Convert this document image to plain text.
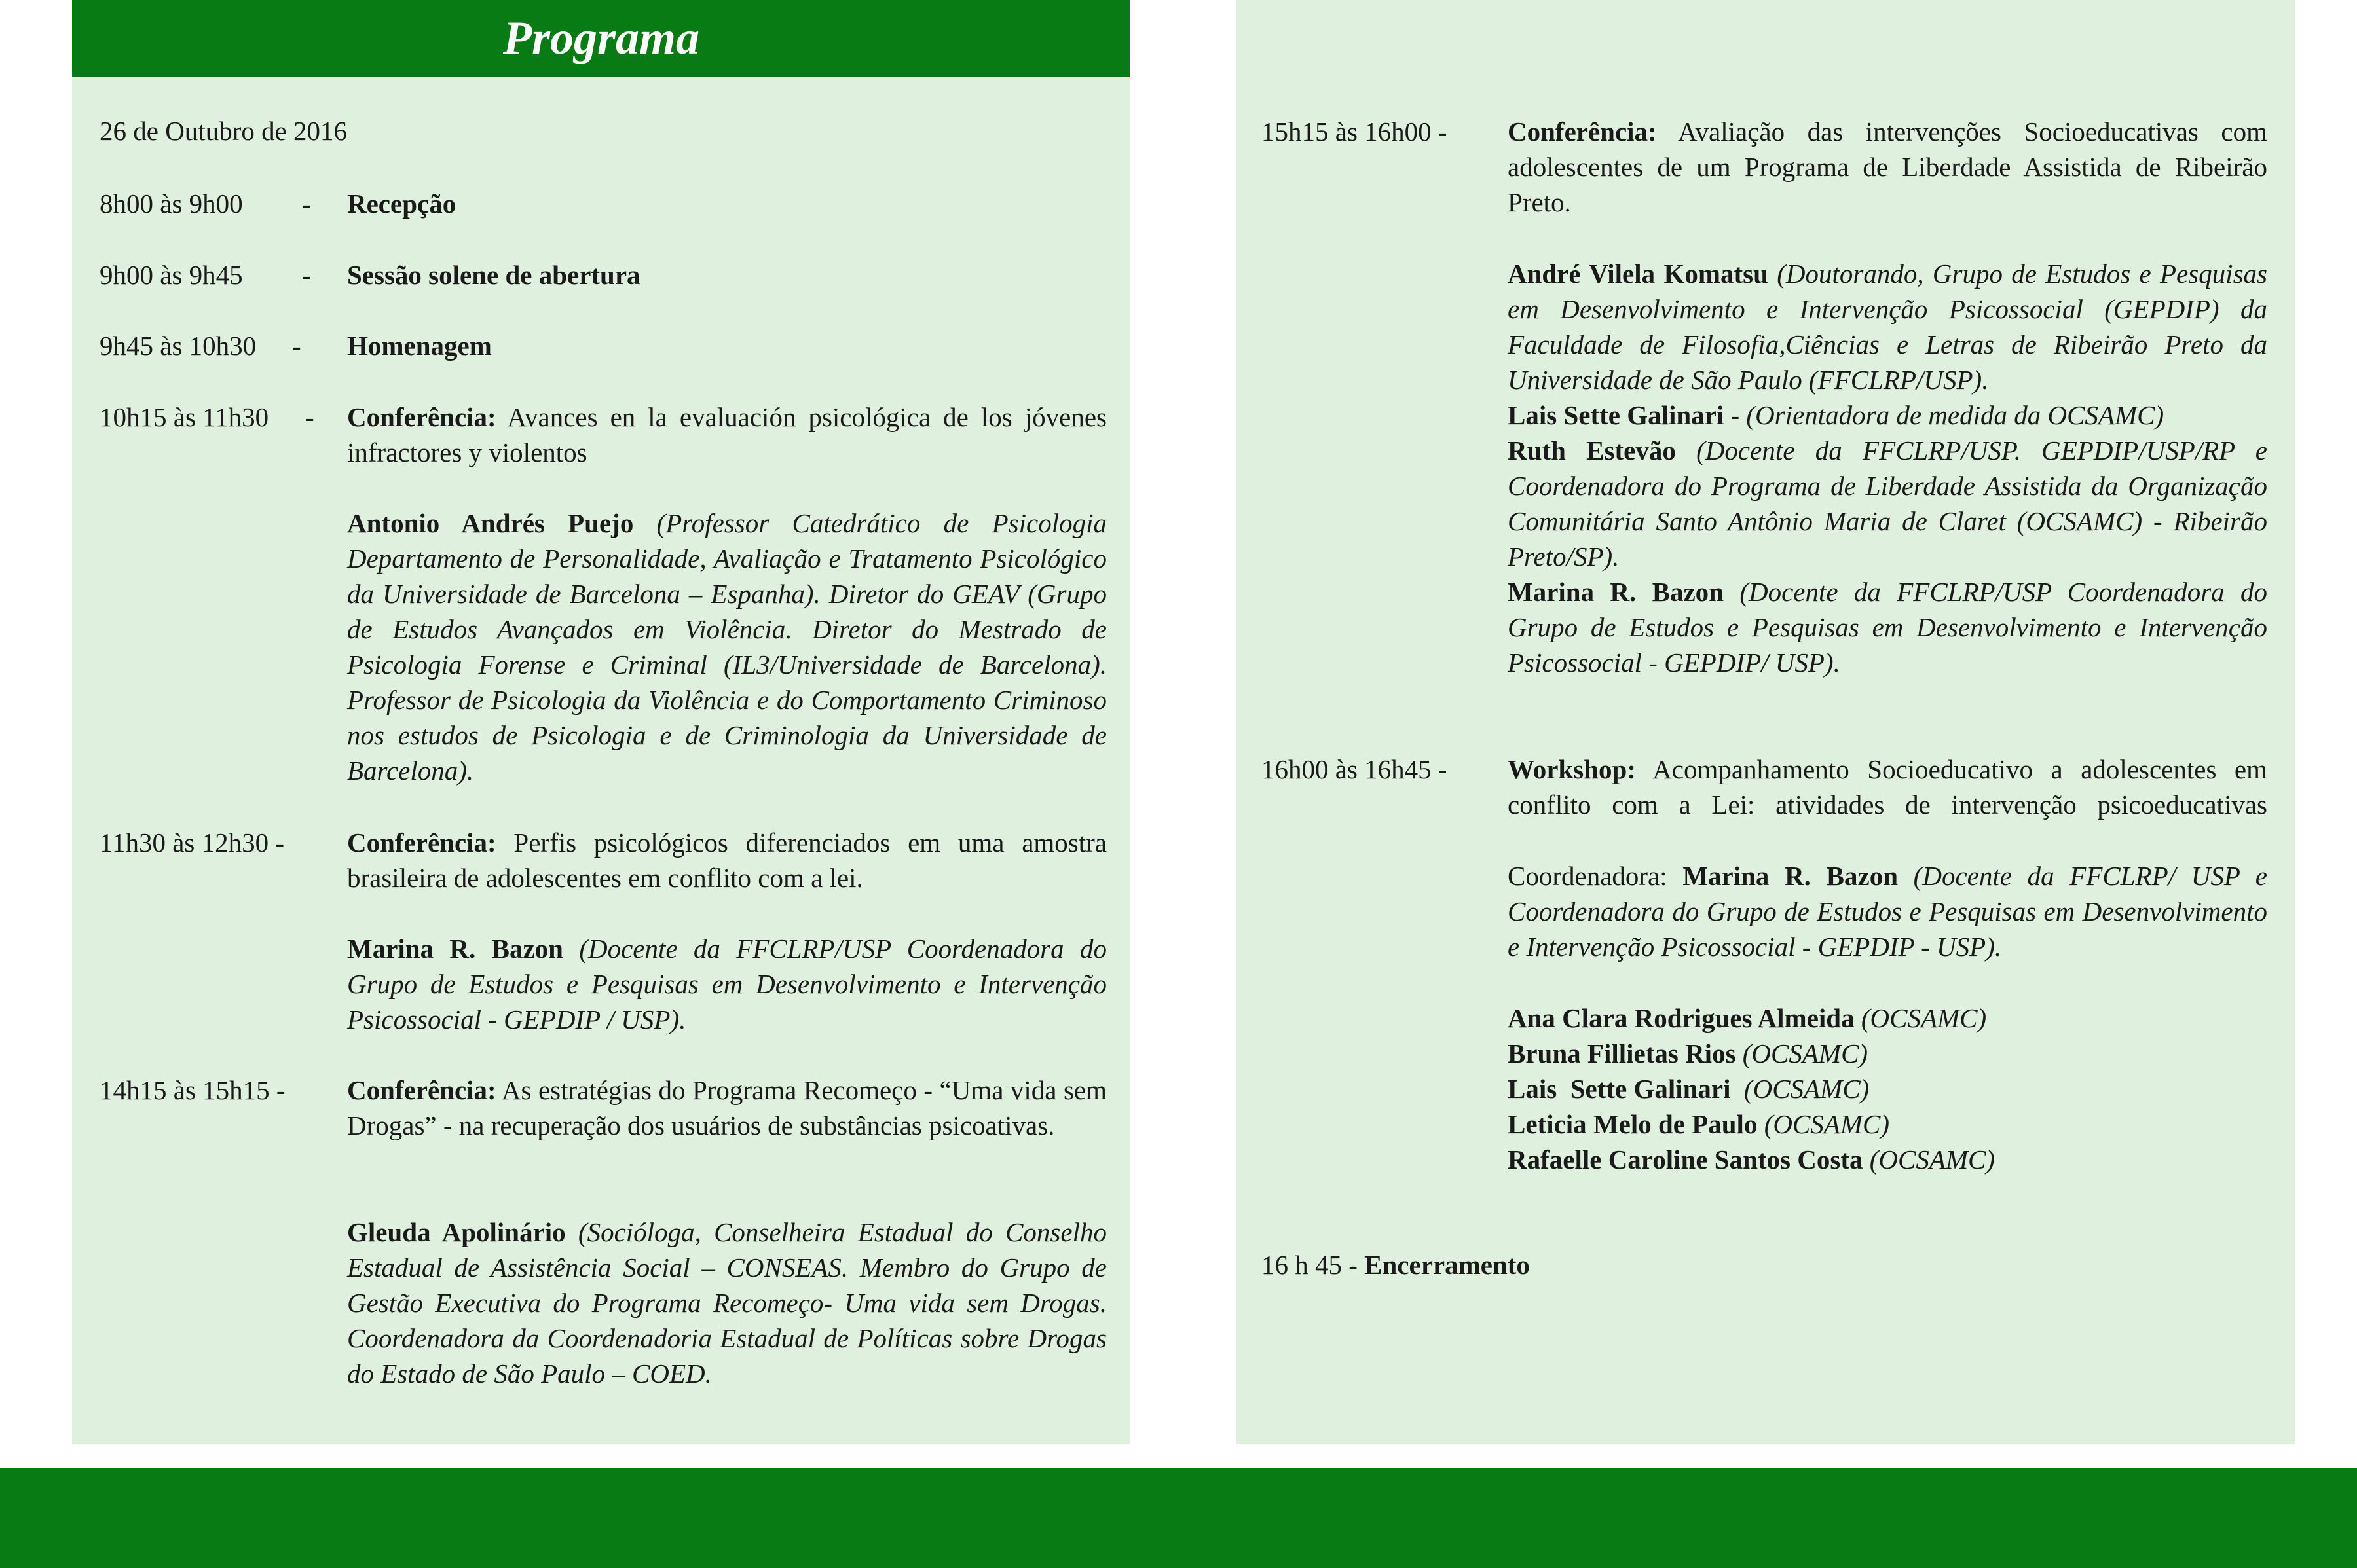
Programa
26 de Outubro de 2016
8h00 às 9h00 - Recepção
9h00 às 9h45 - Sessão solene de abertura
9h45 às 10h30 - Homenagem
10h15 às 11h30 - Conferência: Avances en la evaluación psicológica de los jóvenes infractores y violentos
Antonio Andrés Puejo (Professor Catedrático de Psicologia Departamento de Personalidade, Avaliação e Tratamento Psicológico da Universidade de Barcelona – Espanha). Diretor do GEAV (Grupo de Estudos Avançados em Violência. Diretor do Mestrado de Psicologia Forense e Criminal (IL3/Universidade de Barcelona). Professor de Psicologia da Violência e do Comportamento Criminoso nos estudos de Psicologia e de Criminologia da Universidade de Barcelona).
11h30 às 12h30 - Conferência: Perfis psicológicos diferenciados em uma amostra brasileira de adolescentes em conflito com a lei.
Marina R. Bazon (Docente da FFCLRP/USP Coordenadora do Grupo de Estudos e Pesquisas em Desenvolvimento e Intervenção Psicossocial - GEPDIP / USP).
14h15 às 15h15 - Conferência: As estratégias do Programa Recomeço - “Uma vida sem Drogas” - na recuperação dos usuários de substâncias psicoativas.
Gleuda Apolinário (Socióloga, Conselheira Estadual do Conselho Estadual de Assistência Social – CONSEAS. Membro do Grupo de Gestão Executiva do Programa Recomeço- Uma vida sem Drogas. Coordenadora da Coordenadoria Estadual de Políticas sobre Drogas do Estado de São Paulo – COED.
15h15 às 16h00 - Conferência: Avaliação das intervenções Socioeducativas com adolescentes de um Programa de Liberdade Assistida de Ribeirão Preto.
André Vilela Komatsu (Doutorando, Grupo de Estudos e Pesquisas em Desenvolvimento e Intervenção Psicossocial (GEPDIP) da Faculdade de Filosofia,Ciências e Letras de Ribeirão Preto da Universidade de São Paulo (FFCLRP/USP).
Lais Sette Galinari - (Orientadora de medida da OCSAMC)
Ruth Estevão (Docente da FFCLRP/USP. GEPDIP/USP/RP e Coordenadora do Programa de Liberdade Assistida da Organização Comunitária Santo Antônio Maria de Claret (OCSAMC) - Ribeirão Preto/SP).
Marina R. Bazon (Docente da FFCLRP/USP Coordenadora do Grupo de Estudos e Pesquisas em Desenvolvimento e Intervenção Psicossocial - GEPDIP/ USP).
16h00 às 16h45 - Workshop: Acompanhamento Socioeducativo a adolescentes em conflito com a Lei: atividades de intervenção psicoeducativas
Coordenadora: Marina R. Bazon (Docente da FFCLRP/ USP e Coordenadora do Grupo de Estudos e Pesquisas em Desenvolvimento e Intervenção Psicossocial - GEPDIP - USP).
Ana Clara Rodrigues Almeida (OCSAMC)
Bruna Fillietas Rios (OCSAMC)
Lais  Sette Galinari  (OCSAMC)
Leticia Melo de Paulo (OCSAMC)
Rafaelle Caroline Santos Costa (OCSAMC)
16 h 45 - Encerramento
